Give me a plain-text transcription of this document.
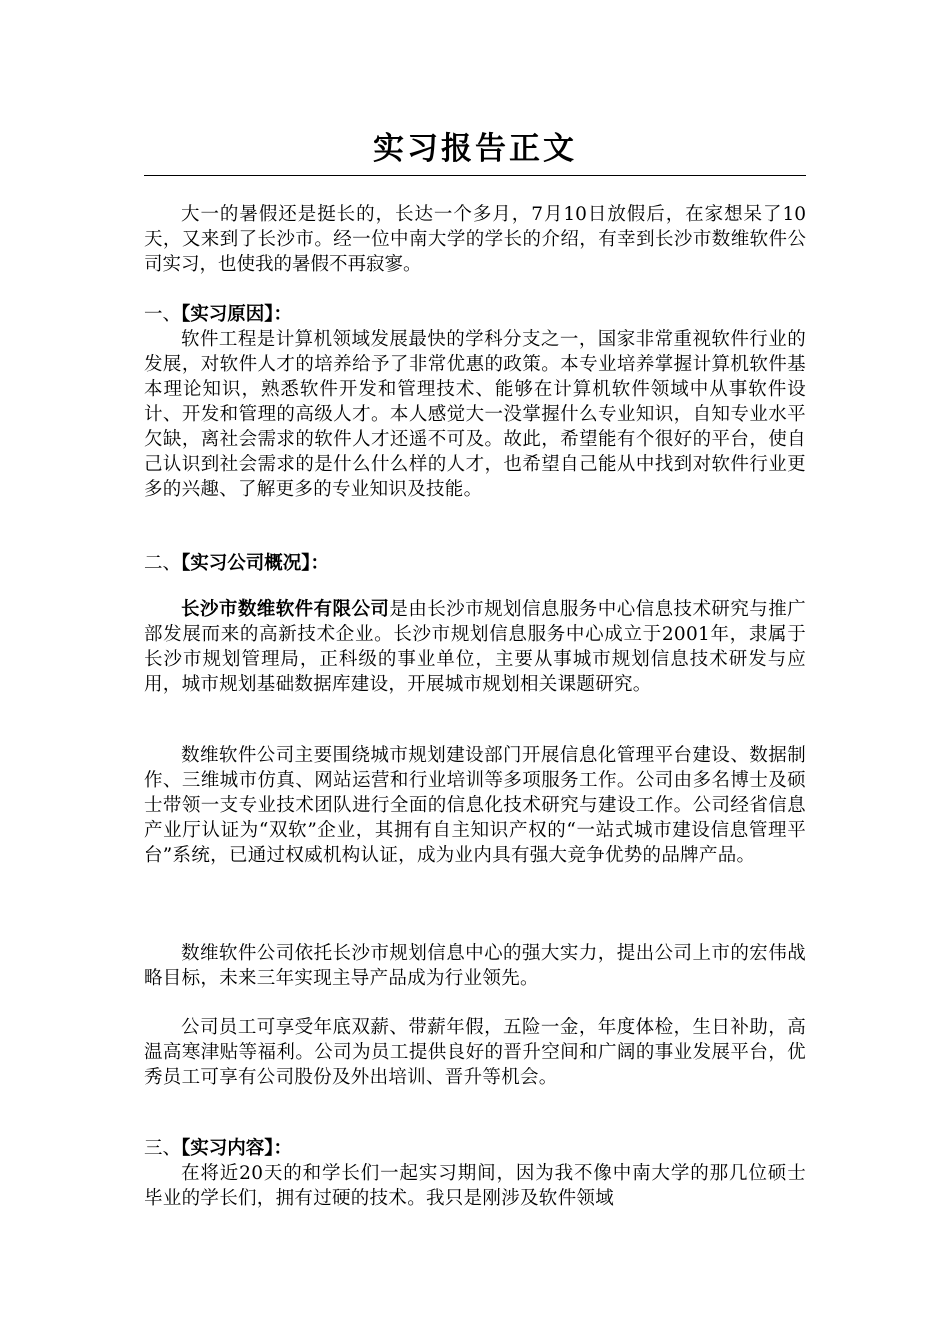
实习报告正文

大一的暑假还是挺长的，长达一个多月，7月10日放假后，在家想呆了10天，又来到了长沙市。经一位中南大学的学长的介绍，有幸到长沙市数维软件公司实习，也使我的暑假不再寂寥。

一、【实习原因】：

软件工程是计算机领域发展最快的学科分支之一，国家非常重视软件行业的发展，对软件人才的培养给予了非常优惠的政策。本专业培养掌握计算机软件基本理论知识，熟悉软件开发和管理技术、能够在计算机软件领域中从事软件设计、开发和管理的高级人才。本人感觉大一没掌握什么专业知识，自知专业水平欠缺，离社会需求的软件人才还遥不可及。故此，希望能有个很好的平台，使自己认识到社会需求的是什么什么样的人才，也希望自己能从中找到对软件行业更多的兴趣、了解更多的专业知识及技能。

二、【实习公司概况】：

长沙市数维软件有限公司是由长沙市规划信息服务中心信息技术研究与推广部发展而来的高新技术企业。长沙市规划信息服务中心成立于2001年，隶属于长沙市规划管理局，正科级的事业单位，主要从事城市规划信息技术研发与应用，城市规划基础数据库建设，开展城市规划相关课题研究。

数维软件公司主要围绕城市规划建设部门开展信息化管理平台建设、数据制作、三维城市仿真、网站运营和行业培训等多项服务工作。公司由多名博士及硕士带领一支专业技术团队进行全面的信息化技术研究与建设工作。公司经省信息产业厅认证为“双软”企业，其拥有自主知识产权的“一站式城市建设信息管理平台”系统，已通过权威机构认证，成为业内具有强大竞争优势的品牌产品。

数维软件公司依托长沙市规划信息中心的强大实力，提出公司上市的宏伟战略目标，未来三年实现主导产品成为行业领先。

公司员工可享受年底双薪、带薪年假，五险一金，年度体检，生日补助，高温高寒津贴等福利。公司为员工提供良好的晋升空间和广阔的事业发展平台，优秀员工可享有公司股份及外出培训、晋升等机会。

三、【实习内容】：

在将近20天的和学长们一起实习期间，因为我不像中南大学的那几位硕士毕业的学长们，拥有过硬的技术。我只是刚涉及软件领域
